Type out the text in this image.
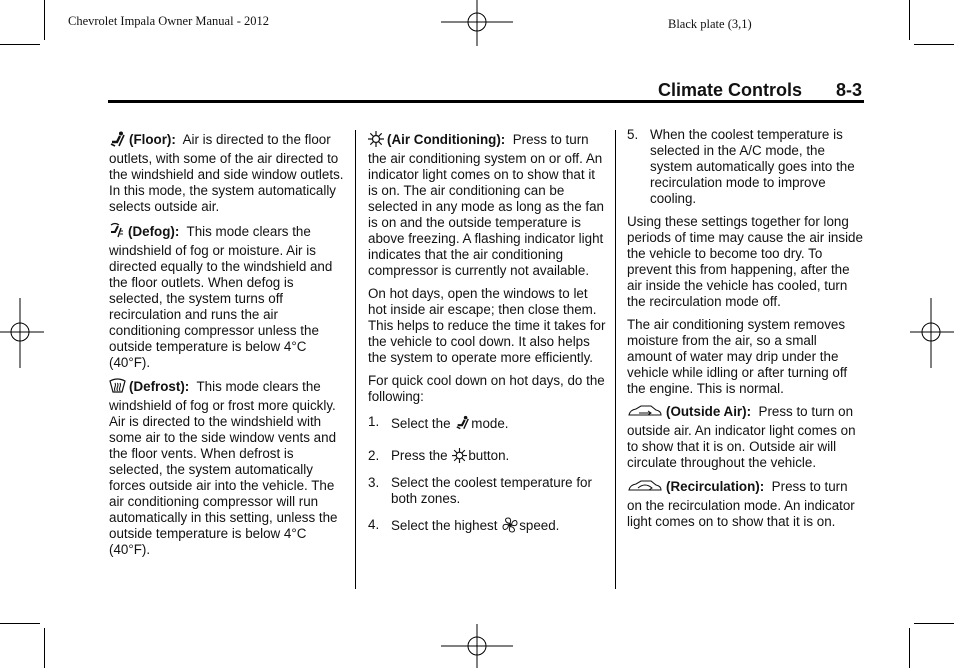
Chevrolet Impala Owner Manual - 2012	Black plate (3,1)
Climate Controls 8-3

(Floor): Air is directed to the floor outlets, with some of the air directed to the windshield and side window outlets. In this mode, the system automatically selects outside air.

(Defog): This mode clears the windshield of fog or moisture. Air is directed equally to the windshield and the floor outlets. When defog is selected, the system turns off recirculation and runs the air conditioning compressor unless the outside temperature is below 4°C (40°F).

(Defrost): This mode clears the windshield of fog or frost more quickly. Air is directed to the windshield with some air to the side window vents and the floor vents. When defrost is selected, the system automatically forces outside air into the vehicle. The air conditioning compressor will run automatically in this setting, unless the outside temperature is below 4°C (40°F).

(Air Conditioning): Press to turn the air conditioning system on or off. An indicator light comes on to show that it is on. The air conditioning can be selected in any mode as long as the fan is on and the outside temperature is above freezing. A flashing indicator light indicates that the air conditioning compressor is currently not available.

On hot days, open the windows to let hot inside air escape; then close them. This helps to reduce the time it takes for the vehicle to cool down. It also helps the system to operate more efficiently.

For quick cool down on hot days, do the following:

1. Select the mode.
2. Press the button.
3. Select the coolest temperature for both zones.
4. Select the highest speed.
5. When the coolest temperature is selected in the A/C mode, the system automatically goes into the recirculation mode to improve cooling.

Using these settings together for long periods of time may cause the air inside the vehicle to become too dry. To prevent this from happening, after the air inside the vehicle has cooled, turn the recirculation mode off.

The air conditioning system removes moisture from the air, so a small amount of water may drip under the vehicle while idling or after turning off the engine. This is normal.

(Outside Air): Press to turn on outside air. An indicator light comes on to show that it is on. Outside air will circulate throughout the vehicle.

(Recirculation): Press to turn on the recirculation mode. An indicator light comes on to show that it is on.
